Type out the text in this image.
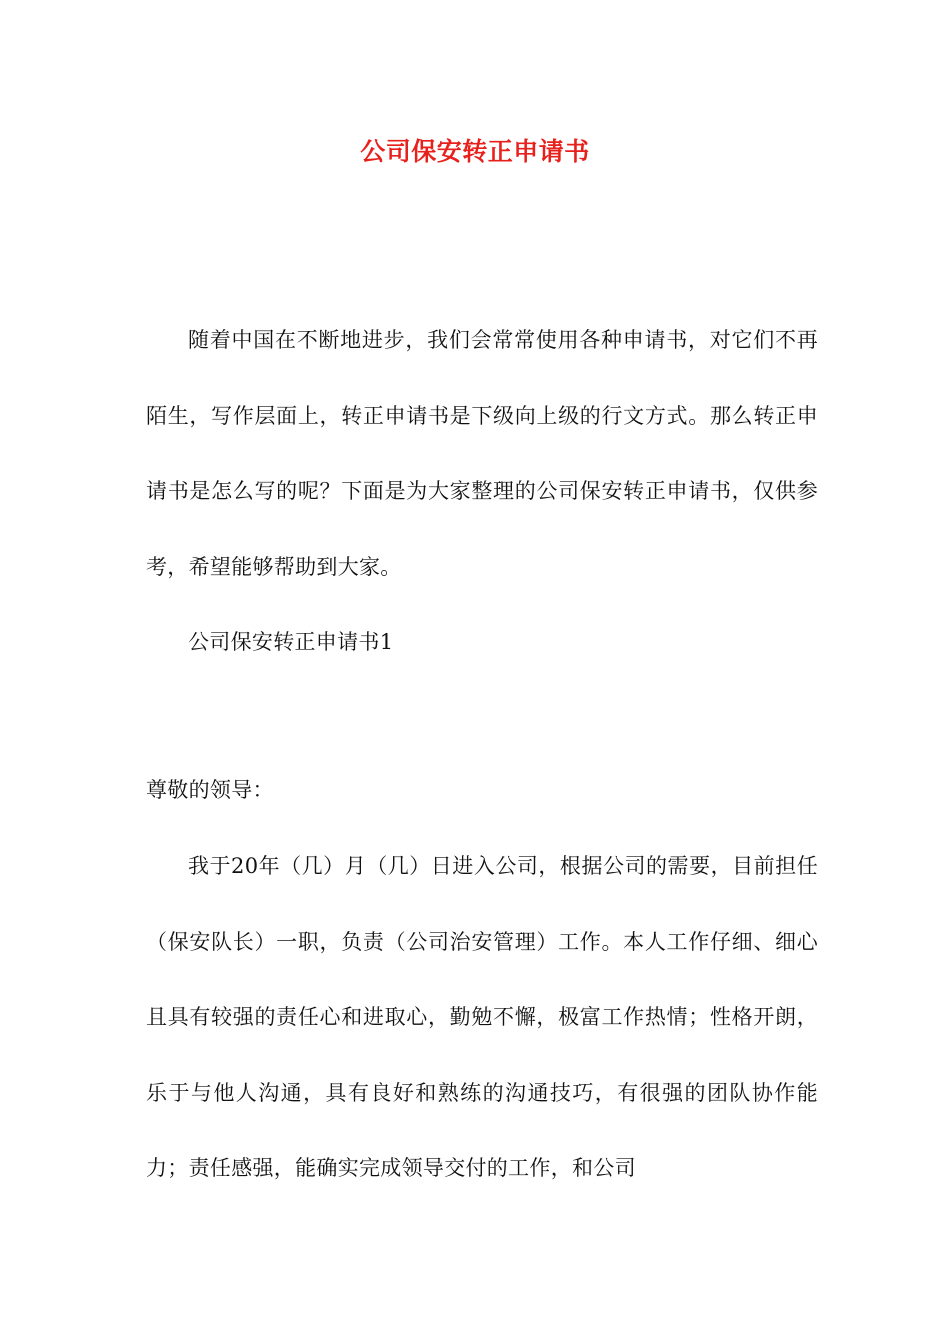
公司保安转正申请书

随着中国在不断地进步，我们会常常使用各种申请书，对它们不再陌生，写作层面上，转正申请书是下级向上级的行文方式。那么转正申请书是怎么写的呢？下面是为大家整理的公司保安转正申请书，仅供参考，希望能够帮助到大家。

公司保安转正申请书1

尊敬的领导：

我于20年（几）月（几）日进入公司，根据公司的需要，目前担任（保安队长）一职，负责（公司治安管理）工作。本人工作仔细、细心且具有较强的责任心和进取心，勤勉不懈，极富工作热情；性格开朗，乐于与他人沟通，具有良好和熟练的沟通技巧，有很强的团队协作能力；责任感强，能确实完成领导交付的工作，和公司
